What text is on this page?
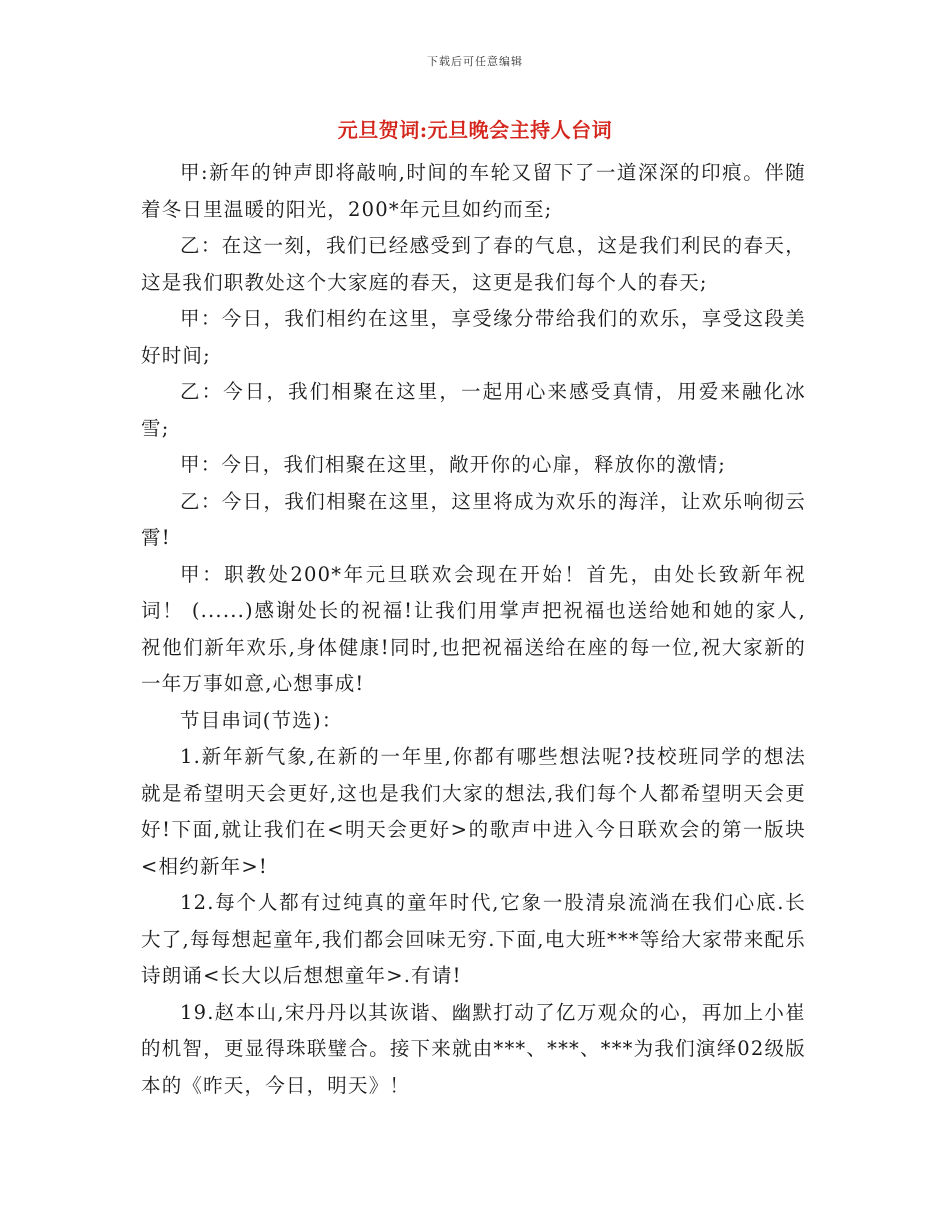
下载后可任意编辑
元旦贺词:元旦晚会主持人台词

甲:新年的钟声即将敲响,时间的车轮又留下了一道深深的印痕。伴随着冬日里温暖的阳光，200*年元旦如约而至;

乙：在这一刻，我们已经感受到了春的气息，这是我们利民的春天，这是我们职教处这个大家庭的春天，这更是我们每个人的春天;

甲：今日，我们相约在这里，享受缘分带给我们的欢乐，享受这段美好时间;

乙：今日，我们相聚在这里，一起用心来感受真情，用爱来融化冰雪;

甲：今日，我们相聚在这里，敞开你的心扉，释放你的激情;

乙：今日，我们相聚在这里，这里将成为欢乐的海洋，让欢乐响彻云霄!

甲：职教处200*年元旦联欢会现在开始！首先，由处长致新年祝词！ (......)感谢处长的祝福!让我们用掌声把祝福也送给她和她的家人,祝他们新年欢乐,身体健康!同时,也把祝福送给在座的每一位,祝大家新的一年万事如意,心想事成!

节目串词(节选)：

1.新年新气象,在新的一年里,你都有哪些想法呢?技校班同学的想法就是希望明天会更好,这也是我们大家的想法,我们每个人都希望明天会更好!下面,就让我们在<明天会更好>的歌声中进入今日联欢会的第一版块<相约新年>!

12.每个人都有过纯真的童年时代,它象一股清泉流淌在我们心底.长大了,每每想起童年,我们都会回味无穷.下面,电大班***等给大家带来配乐诗朗诵<长大以后想想童年>.有请!

19.赵本山,宋丹丹以其诙谐、幽默打动了亿万观众的心，再加上小崔的机智，更显得珠联璧合。接下来就由***、***、***为我们演绎02级版本的《昨天，今日，明天》！
